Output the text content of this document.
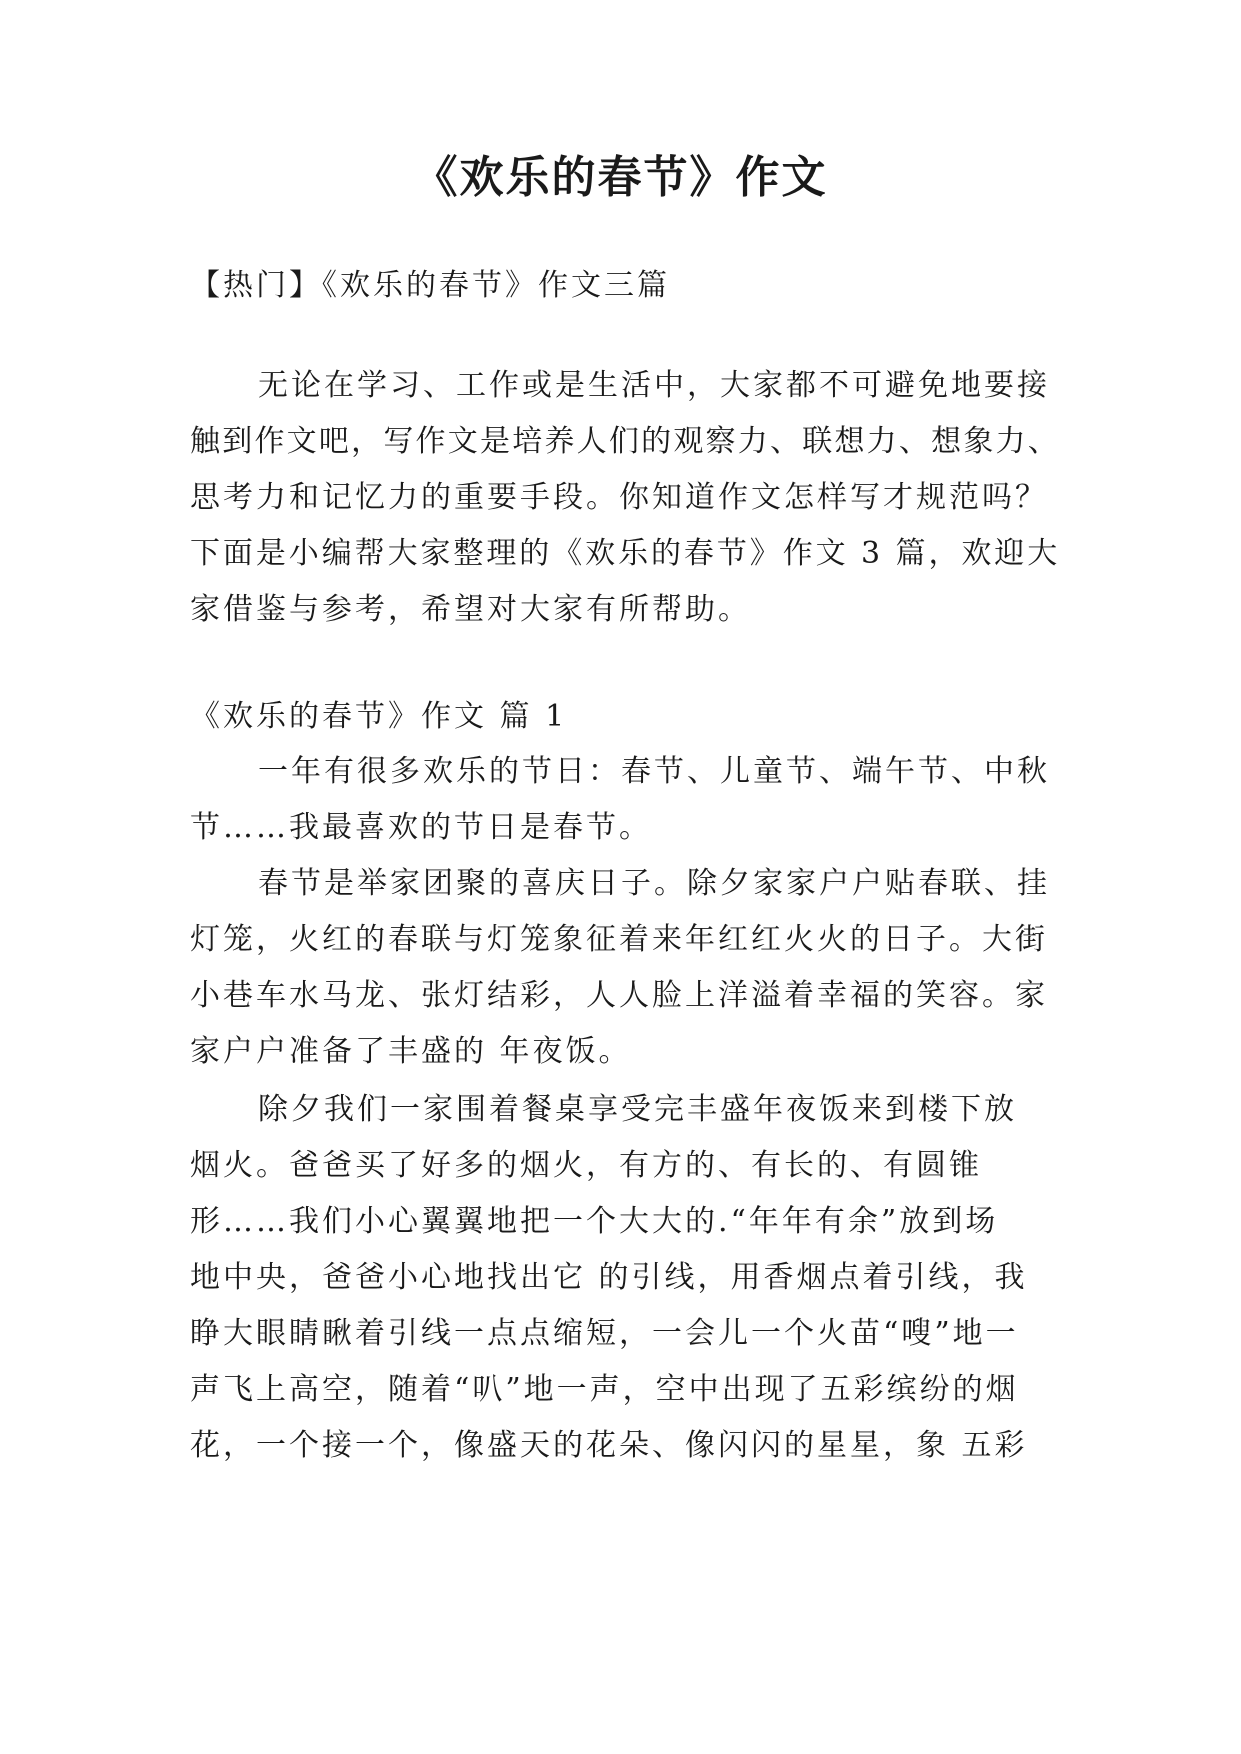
《欢乐的春节》作文
【热门】《欢乐的春节》作文三篇
无论在学习、工作或是生活中，大家都不可避免地要接
触到作文吧，写作文是培养人们的观察力、联想力、想象力、
思考力和记忆力的重要手段。你知道作文怎样写才规范吗？
下面是小编帮大家整理的《欢乐的春节》作文 3 篇，欢迎大
家借鉴与参考，希望对大家有所帮助。
《欢乐的春节》作文 篇 1
一年有很多欢乐的节日：春节、儿童节、端午节、中秋
节……我最喜欢的节日是春节。
春节是举家团聚的喜庆日子。除夕家家户户贴春联、挂
灯笼，火红的春联与灯笼象征着来年红红火火的日子。大街
小巷车水马龙、张灯结彩，人人脸上洋溢着幸福的笑容。家
家户户准备了丰盛的 年夜饭。
除夕我们一家围着餐桌享受完丰盛年夜饭来到楼下放
烟火。爸爸买了好多的烟火，有方的、有长的、有圆锥
形……我们小心翼翼地把一个大大的.“年年有余”放到场
地中央，爸爸小心地找出它 的引线，用香烟点着引线，我
睁大眼睛瞅着引线一点点缩短，一会儿一个火苗“嗖”地一
声飞上高空，随着“叭”地一声，空中出现了五彩缤纷的烟
花，一个接一个，像盛天的花朵、像闪闪的星星，象 五彩
